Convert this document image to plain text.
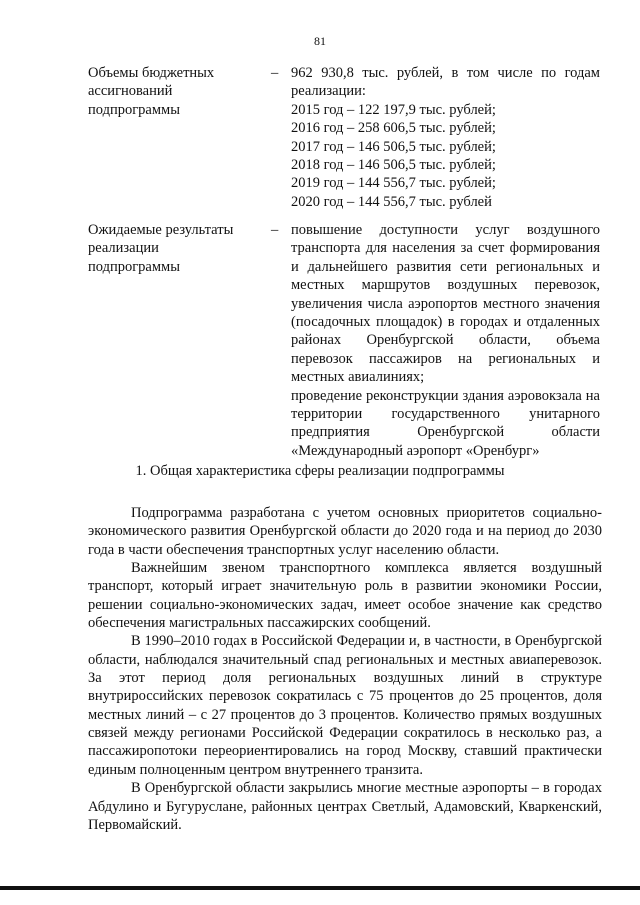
81
Объемы бюджетных
ассигнований
подпрограммы
– 962 930,8 тыс. рублей, в том числе по годам реализации:
2015 год – 122 197,9 тыс. рублей;
2016 год – 258 606,5 тыс. рублей;
2017 год – 146 506,5 тыс. рублей;
2018 год – 146 506,5 тыс. рублей;
2019 год – 144 556,7 тыс. рублей;
2020 год – 144 556,7 тыс. рублей
Ожидаемые результаты
реализации
подпрограммы
– повышение доступности услуг воздушного транспорта для населения за счет формирования и дальнейшего развития сети региональных и местных маршрутов воздушных перевозок, увеличения числа аэропортов местного значения (посадочных площадок) в городах и отдаленных районах Оренбургской области, объема перевозок пассажиров на региональных и местных авиалиниях;
проведение реконструкции здания аэровокзала на территории государственного унитарного предприятия Оренбургской области «Международный аэропорт «Оренбург»
1. Общая характеристика сферы реализации подпрограммы

Подпрограмма разработана с учетом основных приоритетов социально-экономического развития Оренбургской области до 2020 года и на период до 2030 года в части обеспечения транспортных услуг населению области.

Важнейшим звеном транспортного комплекса является воздушный транспорт, который играет значительную роль в развитии экономики России, решении социально-экономических задач, имеет особое значение как средство обеспечения магистральных пассажирских сообщений.

В 1990–2010 годах в Российской Федерации и, в частности, в Оренбургской области, наблюдался значительный спад региональных и местных авиаперевозок. За этот период доля региональных воздушных линий в структуре внутрироссийских перевозок сократилась с 75 процентов до 25 процентов, доля местных линий – с 27 процентов до 3 процентов. Количество прямых воздушных связей между регионами Российской Федерации сократилось в несколько раз, а пассажиропотоки переориентировались на город Москву, ставший практически единым полноценным центром внутреннего транзита.

В Оренбургской области закрылись многие местные аэропорты – в городах Абдулино и Бугуруслане, районных центрах Светлый, Адамовский, Кваркенский, Первомайский.
